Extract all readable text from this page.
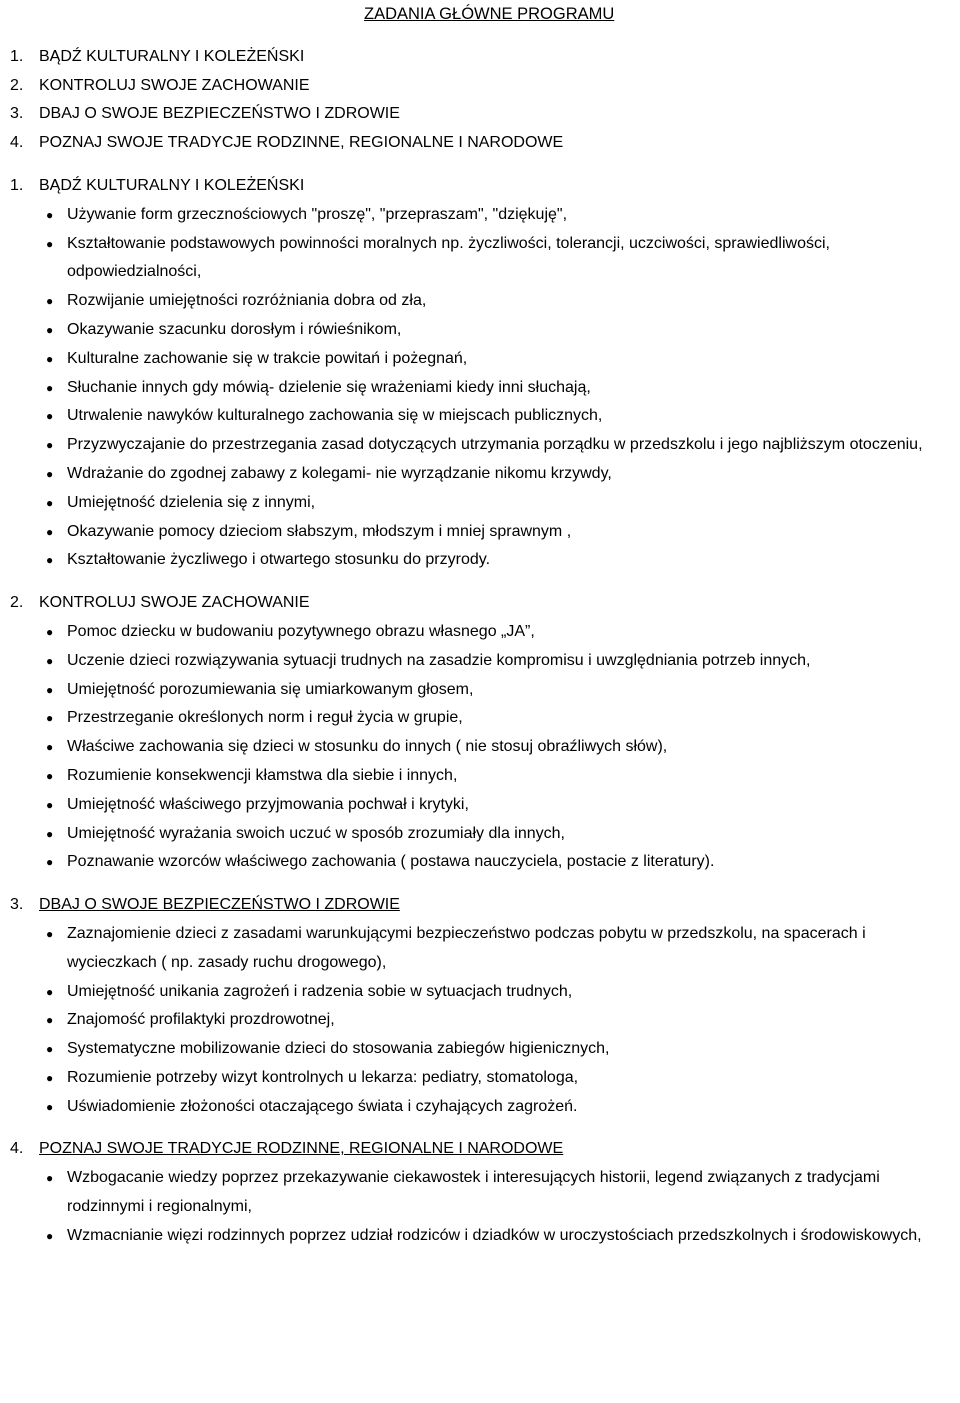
ZADANIA GŁÓWNE PROGRAMU
1. BĄDŹ KULTURALNY I KOLEŻEŃSKI
2. KONTROLUJ SWOJE ZACHOWANIE
3. DBAJ O SWOJE BEZPIECZEŃSTWO I ZDROWIE
4. POZNAJ SWOJE TRADYCJE RODZINNE, REGIONALNE I NARODOWE
1. BĄDŹ KULTURALNY I KOLEŻEŃSKI
● Używanie form grzecznościowych "proszę", "przepraszam", "dziękuję",
● Kształtowanie podstawowych powinności moralnych np. życzliwości, tolerancji, uczciwości, sprawiedliwości, odpowiedzialności,
● Rozwijanie umiejętności rozróżniania dobra od zła,
● Okazywanie szacunku dorosłym i rówieśnikom,
● Kulturalne zachowanie się w trakcie powitań i pożegnań,
● Słuchanie innych gdy mówią- dzielenie się wrażeniami kiedy inni słuchają,
● Utrwalenie nawyków kulturalnego zachowania się w miejscach publicznych,
● Przyzwyczajanie do przestrzegania zasad dotyczących utrzymania porządku w przedszkolu i jego najbliższym otoczeniu,
● Wdrażanie do zgodnej zabawy z kolegami- nie wyrządzanie nikomu krzywdy,
● Umiejętność dzielenia się z innymi,
● Okazywanie pomocy dzieciom słabszym, młodszym i mniej sprawnym ,
● Kształtowanie życzliwego i otwartego stosunku do przyrody.
2. KONTROLUJ SWOJE ZACHOWANIE
● Pomoc dziecku w budowaniu pozytywnego obrazu własnego „JA”,
● Uczenie dzieci rozwiązywania sytuacji trudnych na zasadzie kompromisu i uwzględniania potrzeb innych,
● Umiejętność porozumiewania się umiarkowanym głosem,
● Przestrzeganie określonych norm i reguł życia w grupie,
● Właściwe zachowania się dzieci w stosunku do innych ( nie stosuj obraźliwych słów),
● Rozumienie konsekwencji kłamstwa dla siebie i innych,
● Umiejętność właściwego przyjmowania pochwał i krytyki,
● Umiejętność wyrażania swoich uczuć w sposób zrozumiały dla innych,
● Poznawanie wzorców właściwego zachowania ( postawa nauczyciela, postacie z literatury).
3. DBAJ O SWOJE BEZPIECZEŃSTWO I ZDROWIE
● Zaznajomienie dzieci z zasadami warunkującymi bezpieczeństwo podczas pobytu w przedszkolu, na spacerach i wycieczkach ( np. zasady ruchu drogowego),
● Umiejętność unikania zagrożeń i radzenia sobie w sytuacjach trudnych,
● Znajomość profilaktyki prozdrowotnej,
● Systematyczne mobilizowanie dzieci do stosowania zabiegów higienicznych,
● Rozumienie potrzeby wizyt kontrolnych u lekarza: pediatry, stomatologa,
● Uświadomienie złożoności otaczającego świata i czyhających zagrożeń.
4. POZNAJ SWOJE TRADYCJE RODZINNE, REGIONALNE I NARODOWE
● Wzbogacanie wiedzy poprzez przekazywanie ciekawostek i interesujących historii, legend związanych z tradycjami rodzinnymi i regionalnymi,
● Wzmacnianie więzi rodzinnych poprzez udział rodziców i dziadków w uroczystościach przedszkolnych i środowiskowych,
